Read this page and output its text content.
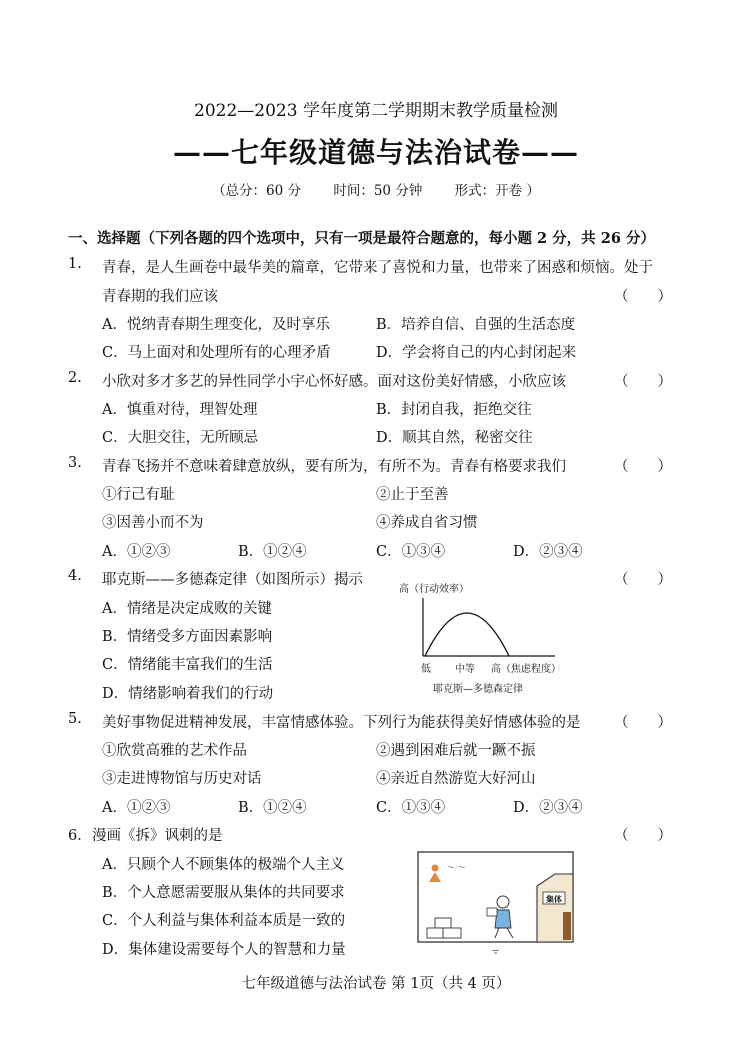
2022—2023 学年度第二学期期末教学质量检测
——七年级道德与法治试卷——
（总分：60 分 时间：50 分钟 形式：开卷 ）
一、选择题（下列各题的四个选项中，只有一项是最符合题意的，每小题 2 分，共 26 分）
1. 青春，是人生画卷中最华美的篇章，它带来了喜悦和力量，也带来了困惑和烦恼。处于
青春期的我们应该	（　　）
A．悦纳青春期生理变化，及时享乐	B．培养自信、自强的生活态度
C．马上面对和处理所有的心理矛盾	D．学会将自己的内心封闭起来
2. 小欣对多才多艺的异性同学小宇心怀好感。面对这份美好情感，小欣应该	（　　）
A．慎重对待，理智处理	B．封闭自我，拒绝交往
C．大胆交往，无所顾忌	D．顺其自然，秘密交往
3. 青春飞扬并不意味着肆意放纵，要有所为，有所不为。青春有格要求我们	（　　）
①行己有耻	②止于至善
③因善小而不为	④养成自省习惯
A．①②③	B．①②④	C．①③④	D．②③④
4. 耶克斯——多德森定律（如图所示）揭示	（　　）
A．情绪是决定成败的关键
B．情绪受多方面因素影响
C．情绪能丰富我们的生活
D．情绪影响着我们的行动
高（行动效率）
低 中等 高（焦虑程度）
耶克斯—多德森定律
5. 美好事物促进精神发展，丰富情感体验。下列行为能获得美好情感体验的是 （　　）
①欣赏高雅的艺术作品	②遇到困难后就一蹶不振
③走进博物馆与历史对话	④亲近自然游览大好河山
A．①②③	B．①②④	C．①③④	D．②③④
6． 漫画《拆》讽刺的是	（　　）
A．只顾个人不顾集体的极端个人主义
B．个人意愿需要服从集体的共同要求
C．个人利益与集体利益本质是一致的
D．集体建设需要每个人的智慧和力量
～ ～
集体
ᯤ
七年级道德与法治试卷 第 1页（共 4 页）
